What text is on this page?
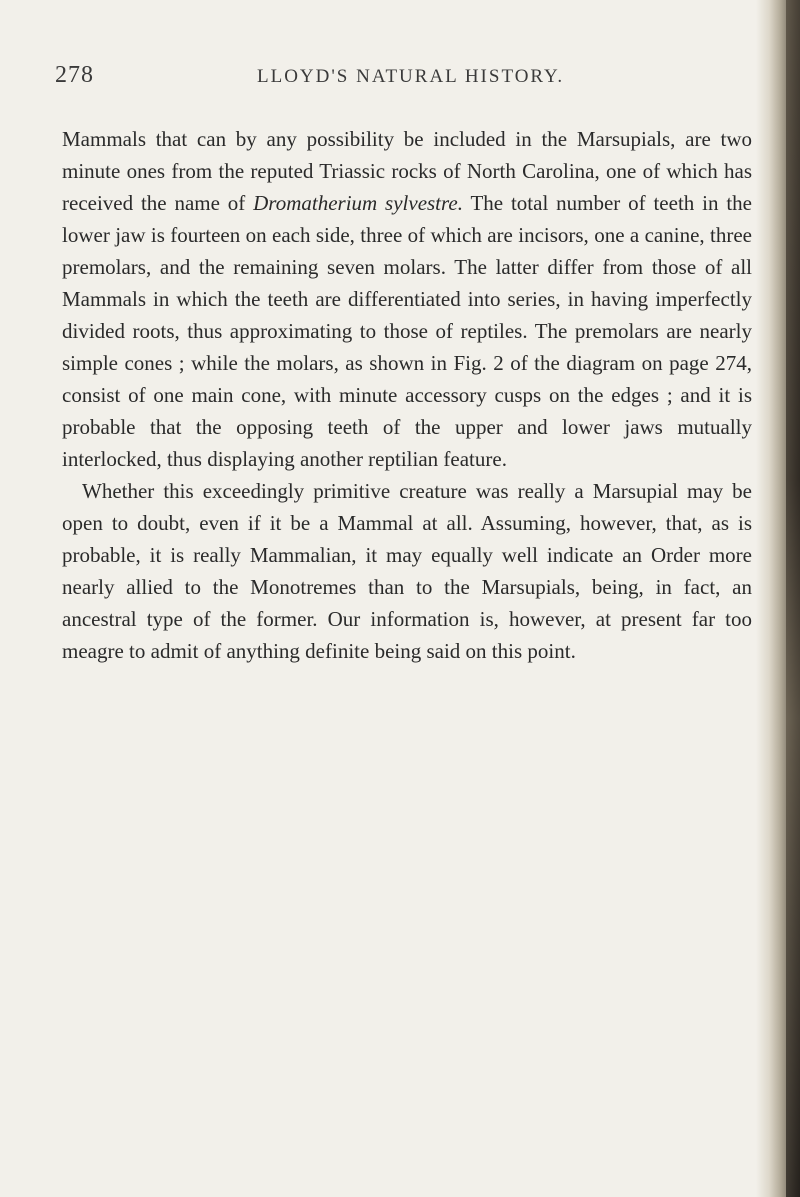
278	LLOYD'S NATURAL HISTORY.

Mammals that can by any possibility be included in the Marsupials, are two minute ones from the reputed Triassic rocks of North Carolina, one of which has received the name of Dromatherium sylvestre. The total number of teeth in the lower jaw is fourteen on each side, three of which are incisors, one a canine, three premolars, and the remaining seven molars. The latter differ from those of all Mammals in which the teeth are differentiated into series, in having imperfectly divided roots, thus approximating to those of reptiles. The premolars are nearly simple cones ; while the molars, as shown in Fig. 2 of the diagram on page 274, consist of one main cone, with minute accessory cusps on the edges ; and it is probable that the opposing teeth of the upper and lower jaws mutually interlocked, thus displaying another reptilian feature.

Whether this exceedingly primitive creature was really a Marsupial may be open to doubt, even if it be a Mammal at all. Assuming, however, that, as is probable, it is really Mammalian, it may equally well indicate an Order more nearly allied to the Monotremes than to the Marsupials, being, in fact, an ancestral type of the former. Our information is, however, at present far too meagre to admit of anything definite being said on this point.
